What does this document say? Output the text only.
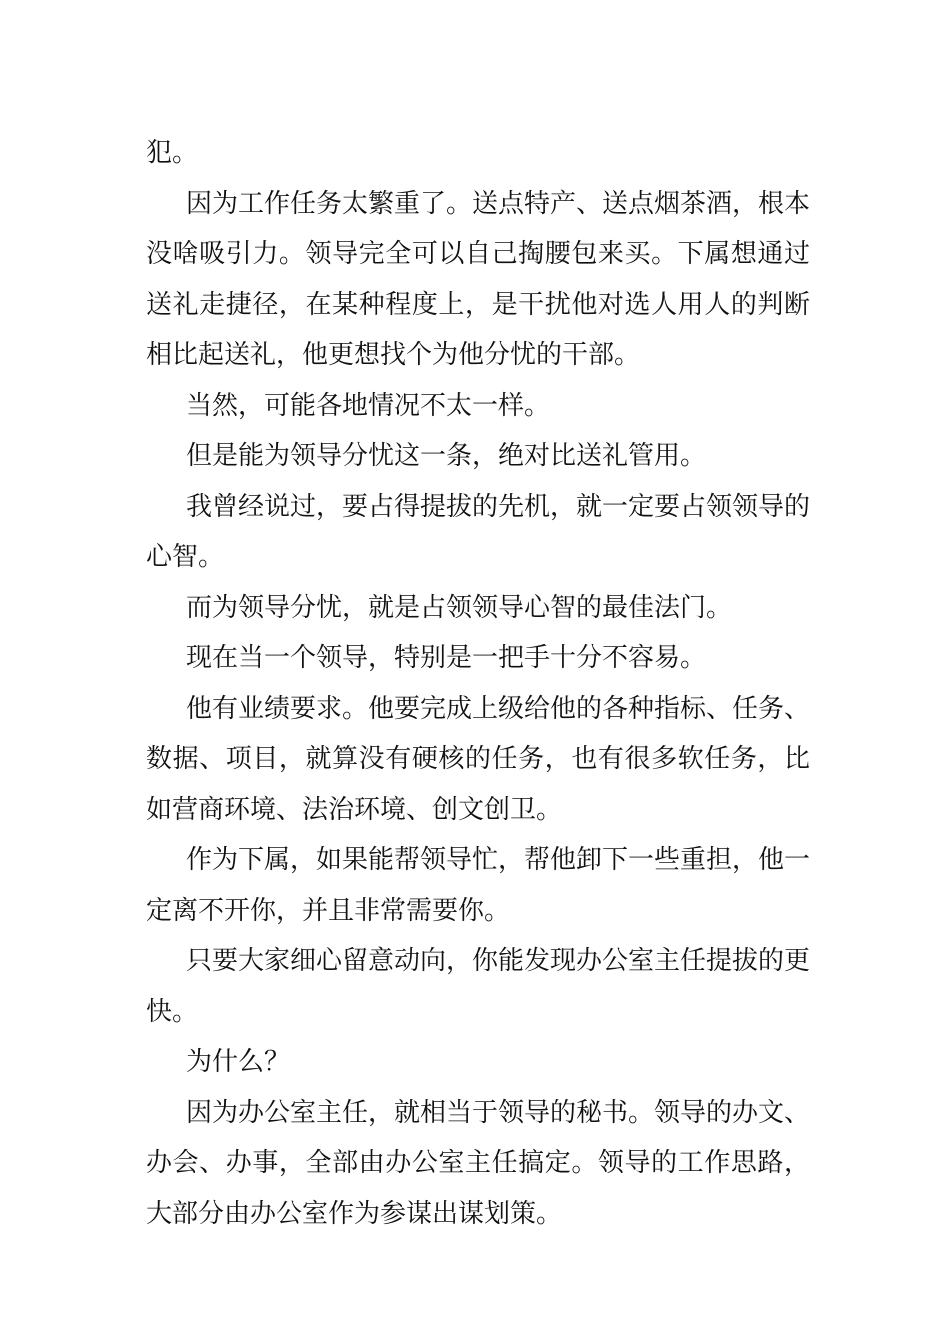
犯。

因为工作任务太繁重了。送点特产、送点烟茶酒，根本没啥吸引力。领导完全可以自己掏腰包来买。下属想通过送礼走捷径，在某种程度上，是干扰他对选人用人的判断相比起送礼，他更想找个为他分忧的干部。

当然，可能各地情况不太一样。

但是能为领导分忧这一条，绝对比送礼管用。

我曾经说过，要占得提拔的先机，就一定要占领领导的心智。

而为领导分忧，就是占领领导心智的最佳法门。

现在当一个领导，特别是一把手十分不容易。

他有业绩要求。他要完成上级给他的各种指标、任务、数据、项目，就算没有硬核的任务，也有很多软任务，比如营商环境、法治环境、创文创卫。

作为下属，如果能帮领导忙，帮他卸下一些重担，他一定离不开你，并且非常需要你。

只要大家细心留意动向，你能发现办公室主任提拔的更快。

为什么？

因为办公室主任，就相当于领导的秘书。领导的办文、办会、办事，全部由办公室主任搞定。领导的工作思路，大部分由办公室作为参谋出谋划策。
